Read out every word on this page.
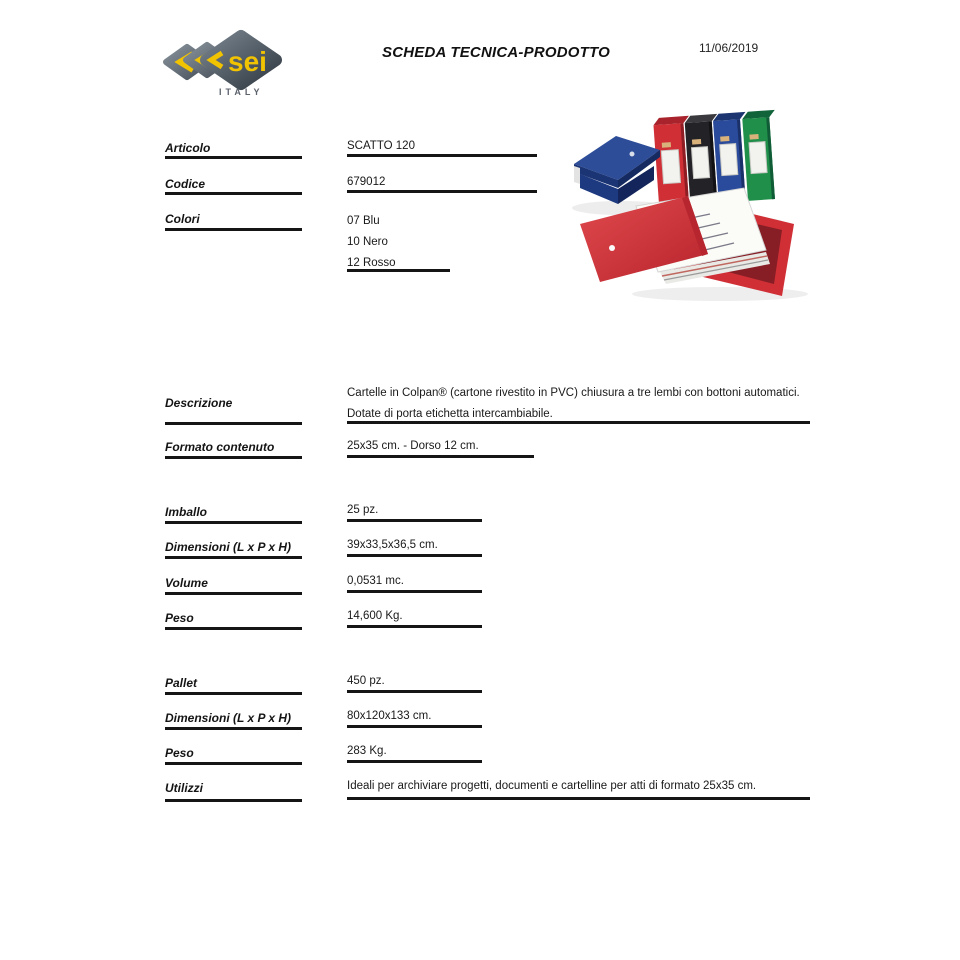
sei
ITALY
SCHEDA TECNICA-PRODOTTO	11/06/2019
Articolo	SCATTO 120
Codice	679012
Colori	07 Blu
10 Nero
12 Rosso
Descrizione
Cartelle in Colpan® (cartone rivestito in PVC) chiusura a tre lembi con bottoni automatici. Dotate di porta etichetta intercambiabile.
Formato contenuto	25x35 cm. - Dorso 12 cm.
Imballo	25 pz.
Dimensioni (L x P x H)	39x33,5x36,5 cm.
Volume	0,0531 mc.
Peso	14,600 Kg.
Pallet	450 pz.
Dimensioni (L x P x H)	80x120x133 cm.
Peso	283 Kg.
Utilizzi	Ideali per archiviare progetti, documenti e cartelline per atti di formato 25x35 cm.
